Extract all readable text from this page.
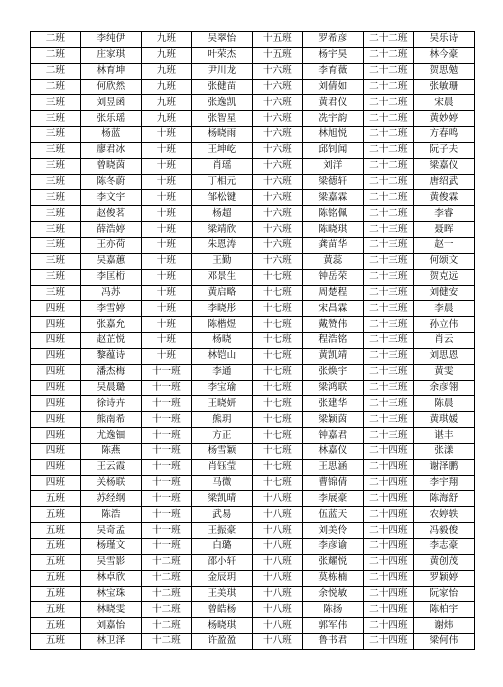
二班	李纯伊	九班	吴翠怡	十五班	罗希彦	二十二班	吴乐诗
二班	庄家琪	九班	叶荣杰	十五班	杨宇昊	二十二班	林今豪
二班	林育坤	九班	尹川龙	十六班	李育薇	二十二班	贺思勉
二班	何欣然	九班	张健苗	十六班	刘倩如	二十二班	张敏珊
三班	刘昱函	九班	张逸凯	十六班	黄君仪	二十二班	宋晨
三班	张乐瑶	九班	张智星	十六班	冼宇韵	二十二班	黄妙婷
三班	杨蓝	十班	杨晓雨	十六班	林旭悦	二十二班	方春鸣
三班	廖君冰	十班	王坤屹	十六班	邱钊闻	二十二班	阮子夫
三班	曾晓茵	十班	肖瑶	十六班	刘洋	二十二班	梁嘉仪
三班	陈冬蔚	十班	丁相元	十六班	梁德轩	二十二班	唐绍武
三班	李文宇	十班	邹松键	十六班	梁嘉霖	二十二班	黄俊霖
三班	赵俊茗	十班	杨超	十六班	陈铭佩	二十二班	李睿
三班	薛浩婷	十班	梁靖欣	十六班	陈晓琪	二十三班	聂晖
三班	王亦荷	十班	朱恩涛	十六班	龚苗华	二十三班	赵一
三班	吴嘉蕙	十班	王勤	十六班	黄蕊	二十三班	何颂文
三班	李匡桁	十班	邓景生	十七班	钟岳荣	二十三班	贺克远
三班	冯苏	十班	黄启略	十七班	周楚程	二十三班	刘健安
四班	李雪婷	十班	李晓彤	十七班	宋昌霖	二十三班	李晨
四班	张嘉允	十班	陈楷煜	十七班	戴赞伟	二十三班	孙立伟
四班	赵芷悦	十班	杨晓	十七班	程浩铭	二十三班	肖云
四班	黎蕴诗	十班	林铠山	十七班	黄凯靖	二十三班	刘思恩
四班	潘杰梅	十一班	李通	十七班	张焕宇	二十三班	黄雯
四班	吴晨璐	十一班	李宝瑜	十七班	梁鸿联	二十三班	余彦翎
四班	徐诗卉	十一班	王晓妍	十七班	张建华	二十三班	陈晨
四班	熊南希	十一班	熊玥	十七班	梁颖茵	二十三班	黄琪媛
四班	尤逸钿	十一班	方正	十七班	钟嘉君	二十三班	谌丰
四班	陈燕	十一班	杨雪颖	十七班	林嘉仪	二十四班	张漾
四班	王云霞	十一班	肖钰莹	十七班	王思涵	二十四班	谢泽鹏
四班	关杨联	十一班	马微	十七班	曹锦倩	二十四班	李宇翔
五班	苏经纲	十一班	梁凯晴	十八班	李展豪	二十四班	陈海舒
五班	陈浩	十一班	武易	十八班	伍蓝天	二十四班	农婷轶
五班	吴奇孟	十一班	王振豪	十八班	刘美伶	二十四班	冯毅俊
五班	杨瑾文	十一班	白璐	十八班	李彦谕	二十四班	李志豪
五班	吴雪影	十二班	邵小轩	十八班	张耀悦	二十四班	黄创茂
五班	林卓欣	十二班	金辰玥	十八班	莫栋楠	二十四班	罗颖婷
五班	林宝珠	十二班	王美琪	十八班	余悦敏	二十四班	阮家怡
五班	林晓雯	十二班	曾皓杨	十八班	陈扬	二十四班	陈柏宇
五班	刘嘉怡	十二班	杨晓琪	十八班	郭军伟	二十四班	谢炜
五班	林卫泽	十二班	许盈盈	十八班	鲁书君	二十四班	梁何伟
